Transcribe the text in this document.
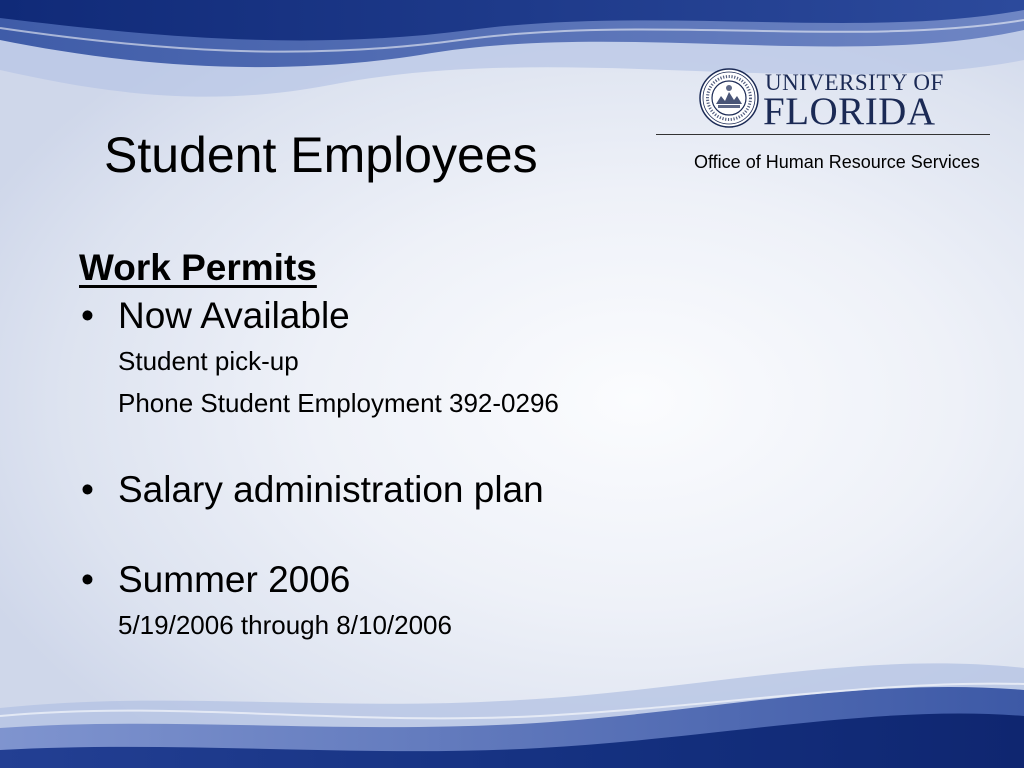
Student Employees
UNIVERSITY OF
FLORIDA
Office of Human Resource Services
Work Permits
• Now Available
Student pick-up
Phone Student Employment 392-0296
• Salary administration plan
• Summer 2006
5/19/2006 through 8/10/2006
